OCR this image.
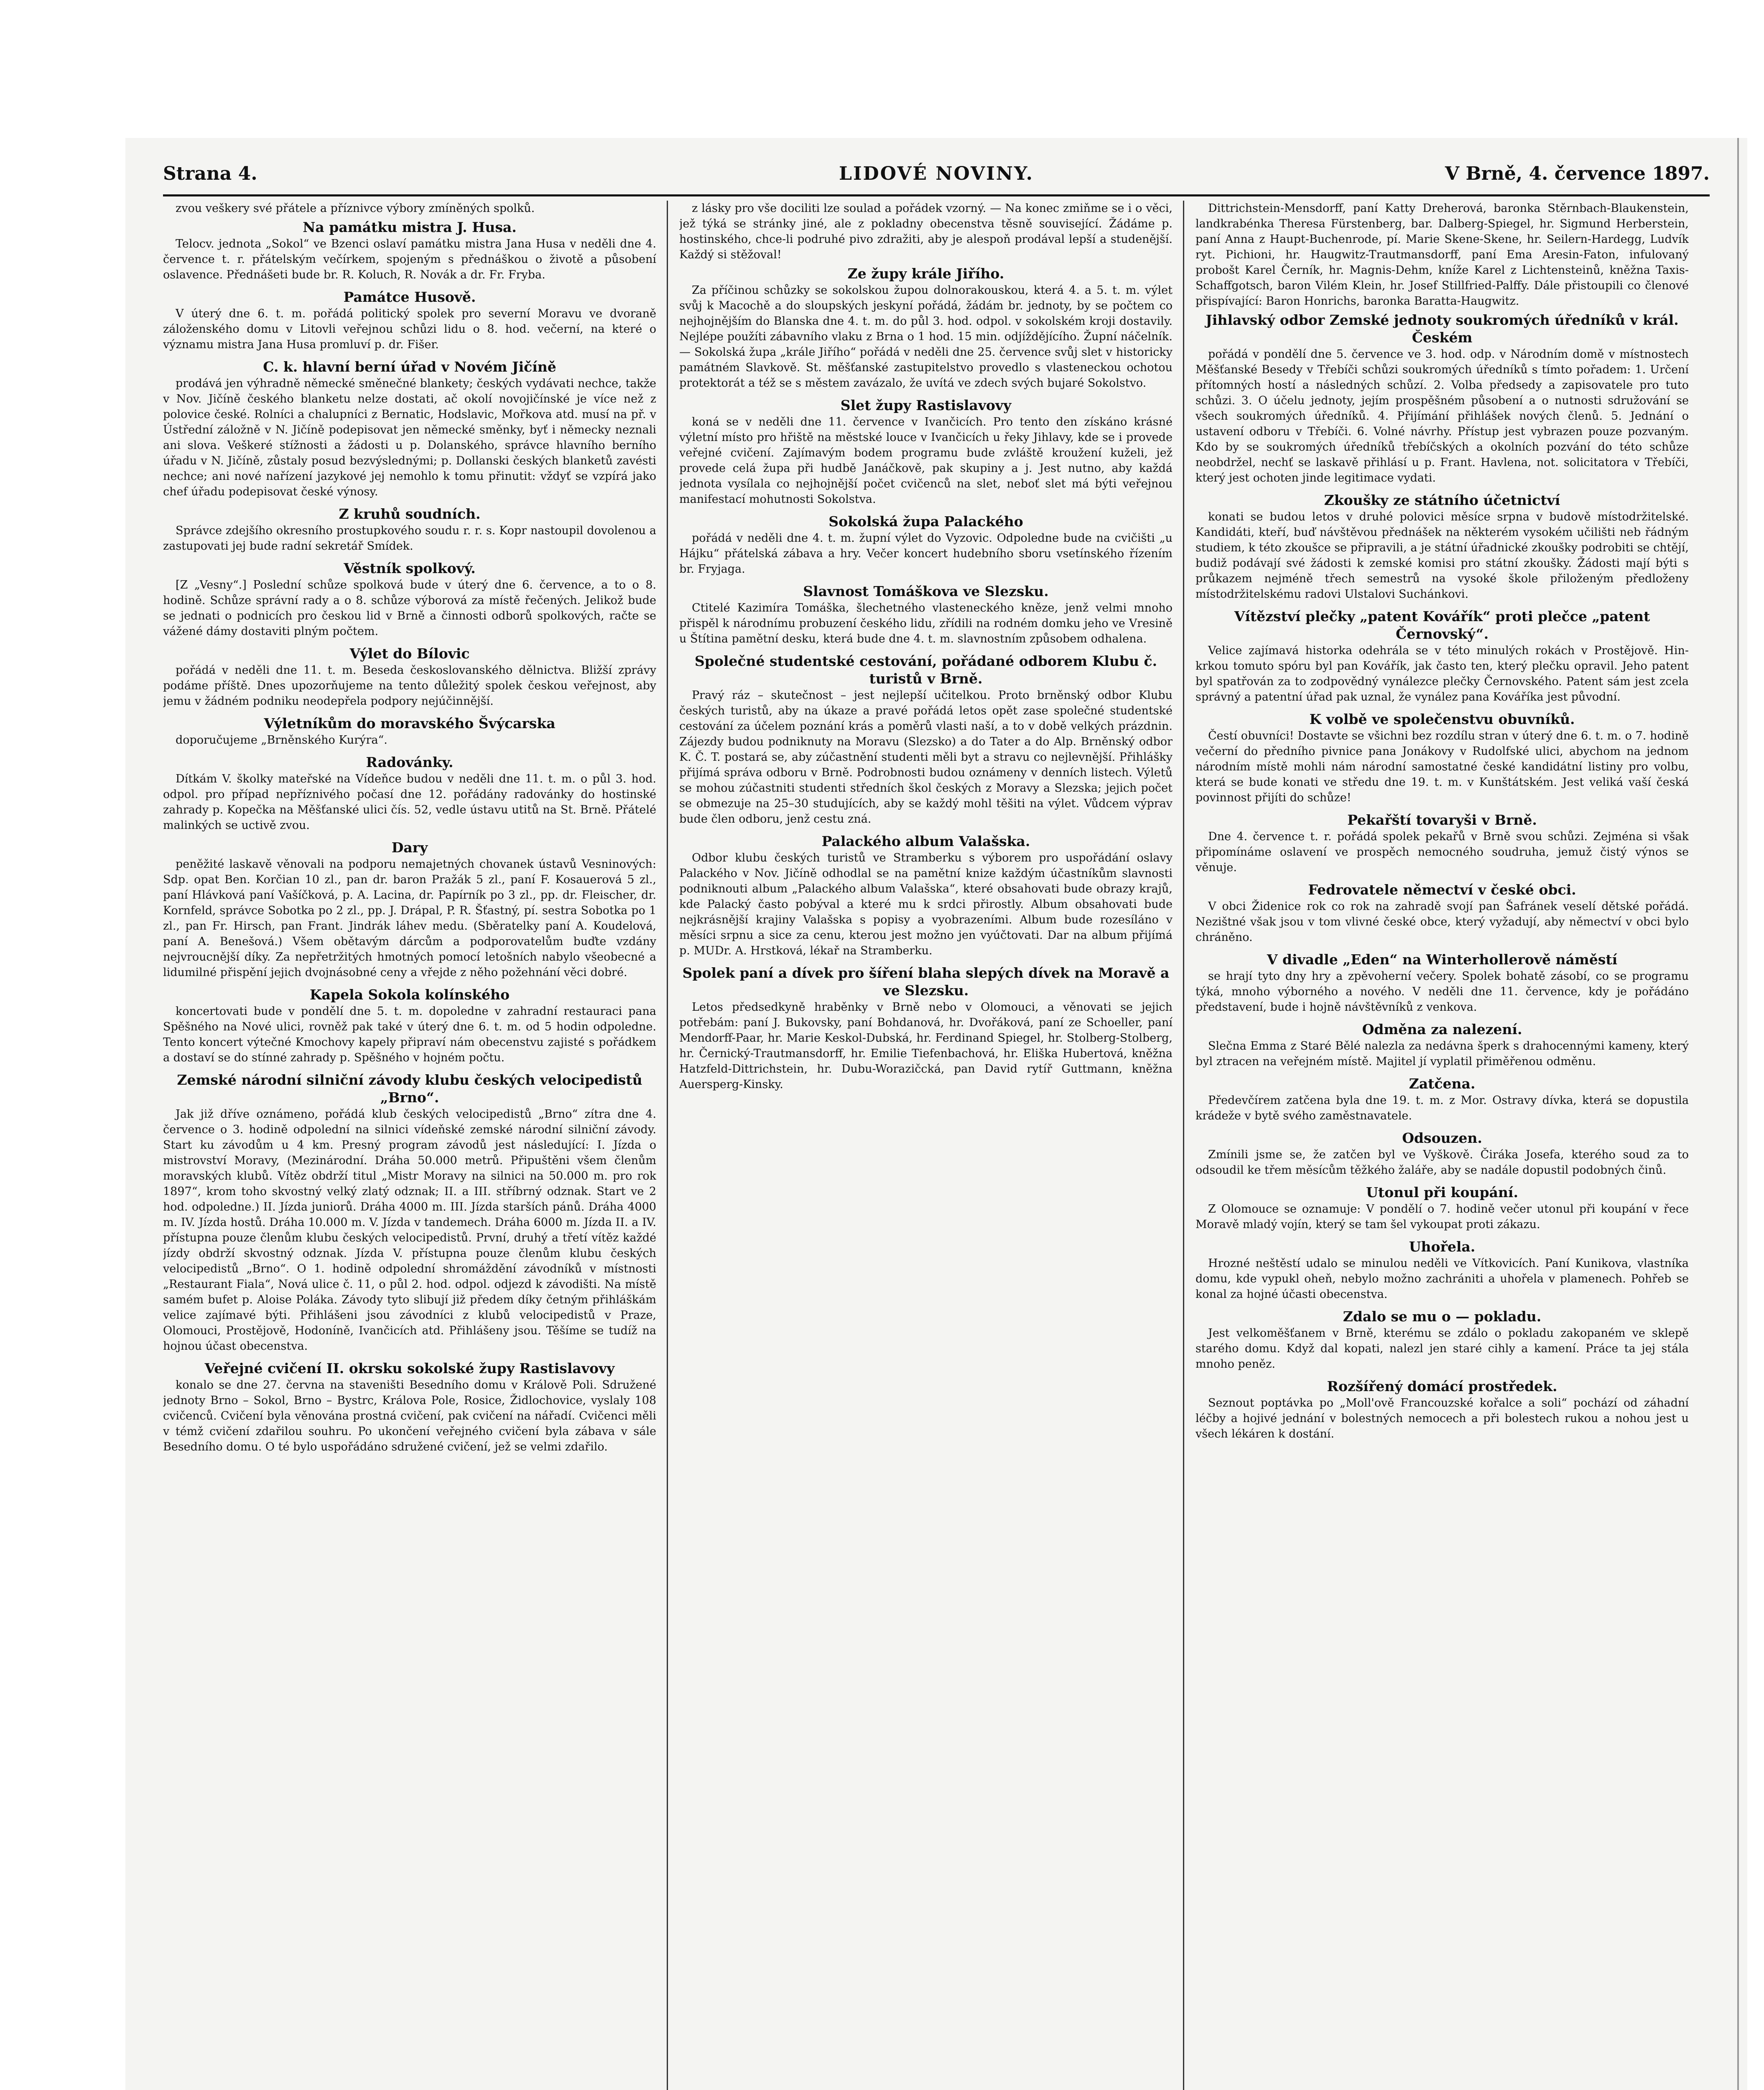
Strana 4.	LIDOVÉ NOVINY.	V Brně, 4. července 1897.

zvou veškery své přátele a příznivce výbory zmíněných spolků.

Na památku mistra J. Husa.

Telocv. jednota „Sokol“ ve Bzenci oslaví památku mistra Jana Husa v neděli dne 4. července t. r. přátelským večírkem, spojeným s přednáškou o životě a působení oslavence. Přednášeti bude br. R. Koluch, R. Novák a dr. Fr. Fryba.

Památce Husově.

V úterý dne 6. t. m. pořádá politický spolek pro severní Moravu ve dvoraně záloženského domu v Litovli veřejnou schůzi lidu o 8. hod. večerní, na které o významu mistra Jana Husa promluví p. dr. Fišer.

C. k. hlavní berní úřad v Novém Jičíně

prodává jen výhradně německé směnečné blankety; českých vydávati nechce, takže v Nov. Jičíně českého blanketu nelze dostati, ač okolí novojičínské je více než z polovice české. Rolníci a chalupníci z Bernatic, Hodslavic, Mořkova atd. musí na př. v Ústřední záložně v N. Jičíně podepisovat jen německé směnky, byť i německy neznali ani slova. Veškeré stížnosti a žádosti u p. Dolanského, správce hlavního berního úřadu v N. Jičíně, zůstaly posud bezvýslednými; p. Dollanski českých blanketů zavésti nechce; ani nové nařízení jazykové jej nemohlo k tomu přinutit: vždyť se vzpírá jako chef úřadu podepisovat české výnosy.

Z kruhů soudních.

Správce zdejšího okresního prostupkového soudu r. r. s. Kopr nastoupil dovolenou a zastupovati jej bude radní sekretář Smídek.

Věstník spolkový.

[Z „Vesny“.] Poslední schůze spolková bude v úterý dne 6. července, a to o 8. hodině. Schůze správní rady a o 8. schůze výborová za místě řečených. Jelikož bude se jednati o podnicích pro českou lid v Brně a činnosti odborů spolkových, račte se vážené dámy dostaviti plným počtem.

Výlet do Bílovic

pořádá v neděli dne 11. t. m. Beseda českoslovanského dělnictva. Bližší zprávy podáme příště. Dnes upozorňujeme na tento důležitý spolek českou veřejnost, aby jemu v žádném podniku neodepřela podpory nejúčinnější.

Výletníkům do moravského Švýcarska

doporučujeme „Brněnského Kurýra“.

Radovánky.

Dítkám V. školky mateřské na Vídeňce budou v neděli dne 11. t. m. o půl 3. hod. odpol. pro případ nepříznivého počasí dne 12. pořádány radovánky do hostinské zahrady p. Kopečka na Měšťanské ulici čís. 52, vedle ústavu utitů na St. Brně. Přátelé malinkých se uctivě zvou.

Dary

peněžité laskavě věnovali na podporu nemajetných chovanek ústavů Vesninových: Sdp. opat Ben. Korčian 10 zl., pan dr. baron Pražák 5 zl., paní F. Kosauerová 5 zl., paní Hlávková paní Vašíčková, p. A. Lacina, dr. Papírník po 3 zl., pp. dr. Fleischer, dr. Kornfeld, správce Sobotka po 2 zl., pp. J. Drápal, P. R. Šťastný, pí. sestra Sobotka po 1 zl., pan Fr. Hirsch, pan Frant. Jindrák láhev medu. (Sběratelky paní A. Koudelová, paní A. Benešová.) Všem obětavým dárcům a podporovatelům buďte vzdány nejvroucnější díky. Za nepřetržitých hmotných pomocí letošních nabylo všeobecné a lidumilné přispění jejich dvojnásobné ceny a vřejde z něho požehnání věci dobré.

Kapela Sokola kolínského

koncertovati bude v pondělí dne 5. t. m. dopoledne v zahradní restauraci pana Spěšného na Nové ulici, rovněž pak také v úterý dne 6. t. m. od 5 hodin odpoledne. Tento koncert výtečné Kmochovy kapely připraví nám obecenstvu zajisté s pořádkem a dostaví se do stínné zahrady p. Spěšného v hojném počtu.

Zemské národní silniční závody klubu českých velocipedistů „Brno“.

Jak již dříve oznámeno, pořádá klub českých velocipedistů „Brno“ zítra dne 4. července o 3. hodině odpolední na silnici vídeňské zemské národní silniční závody. Start ku závodům u 4 km. Presný program závodů jest následující: I. Jízda o mistrovství Moravy, (Mezinárodní. Dráha 50.000 metrů. Připuštěni všem členům moravských klubů. Vítěz obdrží titul „Mistr Moravy na silnici na 50.000 m. pro rok 1897“, krom toho skvostný velký zlatý odznak; II. a III. stříbrný odznak. Start ve 2 hod. odpoledne.) II. Jízda juniorů. Dráha 4000 m. III. Jízda starších pánů. Dráha 4000 m. IV. Jízda hostů. Dráha 10.000 m. V. Jízda v tandemech. Dráha 6000 m. Jízda II. a IV. přístupna pouze členům klubu českých velocipedistů. První, druhý a třetí vítěz každé jízdy obdrží skvostný odznak. Jízda V. přístupna pouze členům klubu českých velocipedistů „Brno“. O 1. hodině odpolední shromáždění závodníků v místnosti „Restaurant Fiala“, Nová ulice č. 11, o půl 2. hod. odpol. odjezd k závodišti. Na místě samém bufet p. Aloise Poláka. Závody tyto slibují již předem díky četným přihláškám velice zajímavé býti. Přihlášeni jsou závodníci z klubů velocipedistů v Praze, Olomouci, Prostějově, Hodoníně, Ivančicích atd. Přihlášeny jsou. Těšíme se tudíž na hojnou účast obecenstva.

Veřejné cvičení II. okrsku sokolské župy Rastislavovy

konalo se dne 27. června na staveništi Besedního domu v Králově Poli. Sdružené jednoty Brno – Sokol, Brno – Bystrc, Králova Pole, Rosice, Židlochovice, vyslaly 108 cvičenců. Cvičení byla věnována prostná cvičení, pak cvičení na nářadí. Cvičenci měli v témž cvičení zdařilou souhru. Po ukončení veřejného cvičení byla zábava v sále Besedního domu. O té bylo uspořádáno sdružené cvičení, jež se velmi zdařilo.

z lásky pro vše dociliti lze soulad a pořádek vzorný. — Na konec zmiňme se i o věci, jež týká se stránky jiné, ale z pokladny obecenstva těsně související. Žádáme p. hostinského, chce-li podruhé pivo zdražiti, aby je alespoň prodával lepší a studenější. Každý si stěžoval!

Ze župy krále Jiřího.

Za příčinou schůzky se sokolskou župou dolnorakouskou, která 4. a 5. t. m. výlet svůj k Macochě a do sloupských jeskyní pořádá, žádám br. jednoty, by se počtem co nejhojnějším do Blanska dne 4. t. m. do půl 3. hod. odpol. v sokolském kroji dostavily. Nejlépe použíti zábavního vlaku z Brna o 1 hod. 15 min. odjíždějícího. Župní náčelník. — Sokolská župa „krále Jiřího“ pořádá v neděli dne 25. července svůj slet v historicky památném Slavkově. St. měšťanské zastupitelstvo provedlo s vlasteneckou ochotou protektorát a též se s městem zavázalo, že uvítá ve zdech svých bujaré Sokolstvo.

Slet župy Rastislavovy

koná se v neděli dne 11. července v Ivančicích. Pro tento den získáno krásné výletní místo pro hřiště na městské louce v Ivančicích u řeky Jihlavy, kde se i provede veřejné cvičení. Zajímavým bodem programu bude zvláště kroužení kuželi, jež provede celá župa při hudbě Janáčkově, pak skupiny a j. Jest nutno, aby každá jednota vysílala co nejhojnější počet cvičenců na slet, neboť slet má býti veřejnou manifestací mohutnosti Sokolstva.

Sokolská župa Palackého

pořádá v neděli dne 4. t. m. župní výlet do Vyzovic. Odpoledne bude na cvičišti „u Hájku“ přátelská zábava a hry. Večer koncert hudebního sboru vsetínského řízením br. Fryjaga.

Slavnost Tomáškova ve Slezsku.

Ctitelé Kazimíra Tomáška, šlechetného vlasteneckého kněze, jenž velmi mnoho přispěl k národnímu probuzení českého lidu, zřídili na rodném domku jeho ve Vresině u Štítina pamětní desku, která bude dne 4. t. m. slavnostním způsobem odhalena.

Společné studentské cestování, pořádané odborem Klubu č. turistů v Brně.

Pravý ráz – skutečnost – jest nejlepší učitelkou. Proto brněnský odbor Klubu českých turistů, aby na úkaze a pravé pořádá letos opět zase společné studentské cestování za účelem poznání krás a poměrů vlasti naší, a to v době velkých prázdnin. Zájezdy budou podniknuty na Moravu (Slezsko) a do Tater a do Alp. Brněnský odbor K. Č. T. postará se, aby zúčastnění studenti měli byt a stravu co nejlevnější. Přihlášky přijímá správa odboru v Brně. Podrobnosti budou oznámeny v denních listech. Výletů se mohou zúčastniti studenti středních škol českých z Moravy a Slezska; jejich počet se obmezuje na 25–30 studujících, aby se každý mohl těšiti na výlet. Vůdcem výprav bude člen odboru, jenž cestu zná.

Palackého album Valašska.

Odbor klubu českých turistů ve Stramberku s výborem pro uspořádání oslavy Palackého v Nov. Jičíně odhodlal se na pamětní knize každým účastníkům slavnosti podniknouti album „Palackého album Valašska“, které obsahovati bude obrazy krajů, kde Palacký často pobýval a které mu k srdci přirostly. Album obsahovati bude nejkrásnější krajiny Valašska s popisy a vyobrazeními. Album bude rozesíláno v měsíci srpnu a sice za cenu, kterou jest možno jen vyúčtovati. Dar na album přijímá p. MUDr. A. Hrstková, lékař na Stramberku.

Spolek paní a dívek pro šíření blaha slepých dívek na Moravě a ve Slezsku.

Letos předsedkyně hraběnky v Brně nebo v Olomouci, a věnovati se jejich potřebám: paní J. Bukovsky, paní Bohdanová, hr. Dvořáková, paní ze Schoeller, paní Mendorff-Paar, hr. Marie Keskol-Dubská, hr. Ferdinand Spiegel, hr. Stolberg-Stolberg, hr. Černický-Trautmansdorff, hr. Emilie Tiefenbachová, hr. Eliška Hubertová, kněžna Hatzfeld-Dittrichstein, hr. Dubu-Worazičcká, pan David rytíř Guttmann, kněžna Auersperg-Kinsky.

Dittrichstein-Mensdorff, paní Katty Dreherová, baronka Stěrnbach-Blaukenstein, landkrabénka Theresa Fürstenberg, bar. Dalberg-Spiegel, hr. Sigmund Herberstein, paní Anna z Haupt-Buchenrode, pí. Marie Skene-Skene, hr. Seilern-Hardegg, Ludvík ryt. Pichioni, hr. Haugwitz-Trautmansdorff, paní Ema Aresin-Faton, infulovaný probošt Karel Černík, hr. Magnis-Dehm, kníže Karel z Lichtensteinů, kněžna Taxis-Schaffgotsch, baron Vilém Klein, hr. Josef Stillfried-Palffy. Dále přistoupili co členové přispívající: Baron Honrichs, baronka Baratta-Haugwitz.

Jihlavský odbor Zemské jednoty soukromých úředníků v král. Českém

pořádá v pondělí dne 5. července ve 3. hod. odp. v Národním domě v místnostech Měšťanské Besedy v Třebíči schůzi soukromých úředníků s tímto pořadem: 1. Určení přítomných hostí a následných schůzí. 2. Volba předsedy a zapisovatele pro tuto schůzi. 3. O účelu jednoty, jejím prospěšném působení a o nutnosti sdružování se všech soukromých úředníků. 4. Přijímání přihlášek nových členů. 5. Jednání o ustavení odboru v Třebíči. 6. Volné návrhy. Přístup jest vybrazen pouze pozvaným. Kdo by se soukromých úředníků třebíčských a okolních pozvání do této schůze neobdržel, nechť se laskavě přihlásí u p. Frant. Havlena, not. solicitatora v Třebíči, který jest ochoten jinde legitimace vydati.

Zkoušky ze státního účetnictví

konati se budou letos v druhé polovici měsíce srpna v budově místodržitelské. Kandidáti, kteří, buď návštěvou přednášek na některém vysokém učilišti neb řádným studiem, k této zkoušce se připravili, a je státní úřadnické zkoušky podrobiti se chtějí, budiž podávají své žádosti k zemské komisi pro státní zkoušky. Žádosti mají býti s průkazem nejméně třech semestrů na vysoké škole přiloženým předloženy místodržitelskému radovi Ulstalovi Suchánkovi.

Vítězství plečky „patent Kovářík“ proti plečce „patent Černovský“.

Velice zajímavá historka odehrála se v této minulých rokách v Prostějově. Hin-krkou tomuto spóru byl pan Kovářík, jak často ten, který plečku opravil. Jeho patent byl spatřován za to zodpovědný vynálezce plečky Černovského. Patent sám jest zcela správný a patentní úřad pak uznal, že vynález pana Kováříka jest původní.

K volbě ve společenstvu obuvníků.

Čestí obuvníci! Dostavte se všichni bez rozdílu stran v úterý dne 6. t. m. o 7. hodině večerní do předního pivnice pana Jonákovy v Rudolfské ulici, abychom na jednom národním místě mohli nám národní samostatné české kandidátní listiny pro volbu, která se bude konati ve středu dne 19. t. m. v Kunštátském. Jest veliká vaší česká povinnost přijíti do schůze!

Pekařští tovaryši v Brně.

Dne 4. července t. r. pořádá spolek pekařů v Brně svou schůzi. Zejména si však připomínáme oslavení ve prospěch nemocného soudruha, jemuž čistý výnos se věnuje.

Fedrovatele němectví v české obci.

V obci Židenice rok co rok na zahradě svojí pan Šafránek veselí dětské pořádá. Nezištné však jsou v tom vlivné české obce, který vyžadují, aby němectví v obci bylo chráněno.

V divadle „Eden“ na Winterhollerově náměstí

se hrají tyto dny hry a zpěvoherní večery. Spolek bohatě zásobí, co se programu týká, mnoho výborného a nového. V neděli dne 11. července, kdy je pořádáno představení, bude i hojně návštěvníků z venkova.

Odměna za nalezení.

Slečna Emma z Staré Bělé nalezla za nedávna šperk s drahocennými kameny, který byl ztracen na veřejném místě. Majitel jí vyplatil přiměřenou odměnu.

Zatčena.

Předevčírem zatčena byla dne 19. t. m. z Mor. Ostravy dívka, která se dopustila krádeže v bytě svého zaměstnavatele.

Odsouzen.

Zmínili jsme se, že zatčen byl ve Vyškově. Čiráka Josefa, kterého soud za to odsoudil ke třem měsícům těžkého žaláře, aby se nadále dopustil podobných činů.

Utonul při koupání.

Z Olomouce se oznamuje: V pondělí o 7. hodině večer utonul při koupání v řece Moravě mladý vojín, který se tam šel vykoupat proti zákazu.

Uhořela.

Hrozné neštěstí udalo se minulou neděli ve Vítkovicích. Paní Kunikova, vlastníka domu, kde vypukl oheň, nebylo možno zachrániti a uhořela v plamenech. Pohřeb se konal za hojné účasti obecenstva.

Zdalo se mu o — pokladu.

Jest velkoměšťanem v Brně, kterému se zdálo o pokladu zakopaném ve sklepě starého domu. Když dal kopati, nalezl jen staré cihly a kamení. Práce ta jej stála mnoho peněz.

Rozšířený domácí prostředek.

Seznout poptávka po „Moll'ově Francouzské kořalce a soli“ pochází od záhadní léčby a hojivé jednání v bolestných nemocech a při bolestech rukou a nohou jest u všech lékáren k dostání.
